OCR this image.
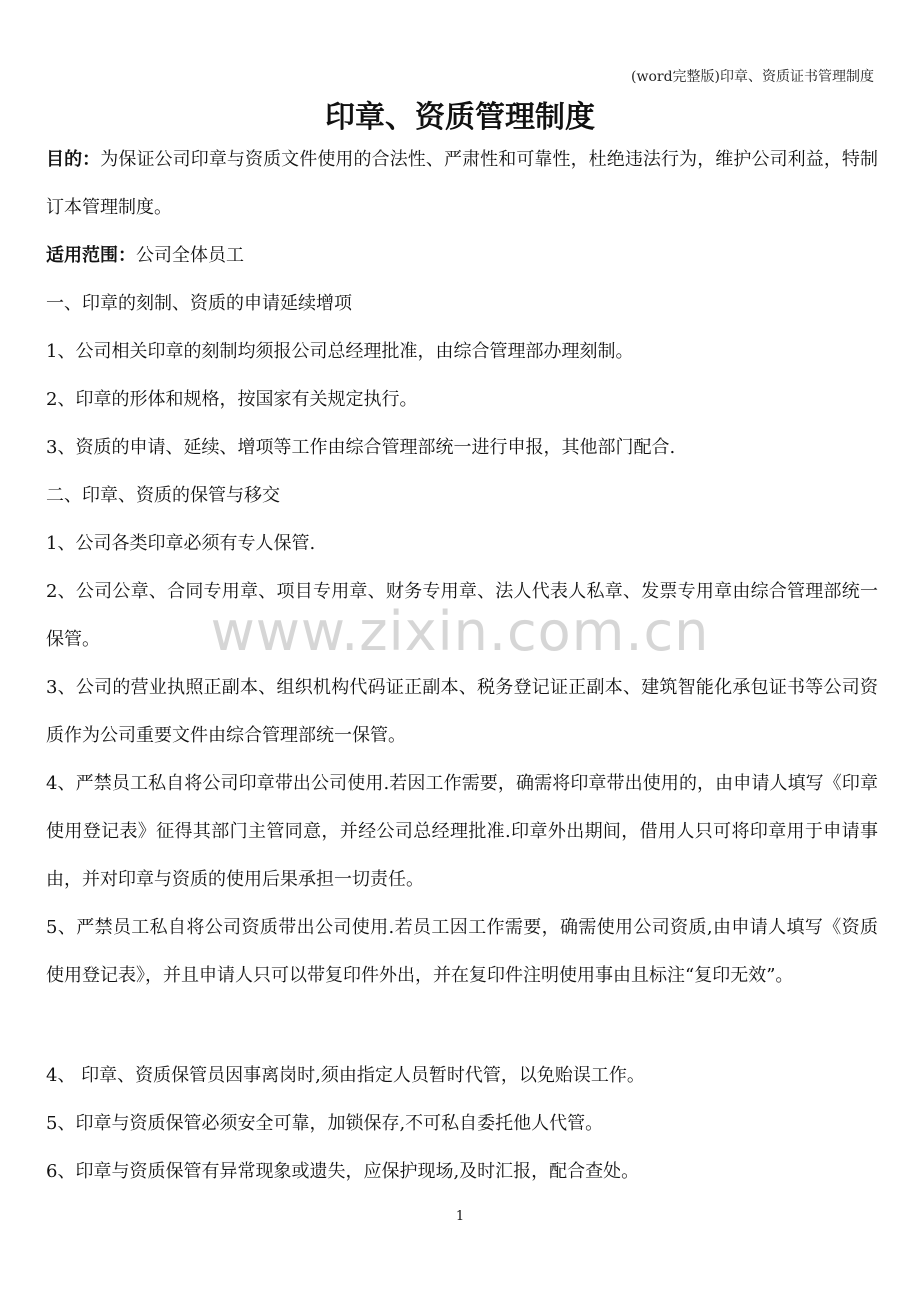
(word完整版)印章、资质证书管理制度
印章、资质管理制度

目的：为保证公司印章与资质文件使用的合法性、严肃性和可靠性，杜绝违法行为，维护公司利益，特制订本管理制度。

适用范围：公司全体员工

一、印章的刻制、资质的申请延续增项

1、公司相关印章的刻制均须报公司总经理批准，由综合管理部办理刻制。

2、印章的形体和规格，按国家有关规定执行。

3、资质的申请、延续、增项等工作由综合管理部统一进行申报，其他部门配合.

二、印章、资质的保管与移交

1、公司各类印章必须有专人保管.

2、公司公章、合同专用章、项目专用章、财务专用章、法人代表人私章、发票专用章由综合管理部统一保管。

3、公司的营业执照正副本、组织机构代码证正副本、税务登记证正副本、建筑智能化承包证书等公司资质作为公司重要文件由综合管理部统一保管。

4、严禁员工私自将公司印章带出公司使用.若因工作需要，确需将印章带出使用的，由申请人填写《印章使用登记表》征得其部门主管同意，并经公司总经理批准.印章外出期间，借用人只可将印章用于申请事由，并对印章与资质的使用后果承担一切责任。

5、严禁员工私自将公司资质带出公司使用.若员工因工作需要，确需使用公司资质,由申请人填写《资质使用登记表》，并且申请人只可以带复印件外出，并在复印件注明使用事由且标注“复印无效”。

4、 印章、资质保管员因事离岗时,须由指定人员暂时代管，以免贻误工作。

5、印章与资质保管必须安全可靠，加锁保存,不可私自委托他人代管。

6、印章与资质保管有异常现象或遗失，应保护现场,及时汇报，配合查处。

www.zixin.com.cn
1
